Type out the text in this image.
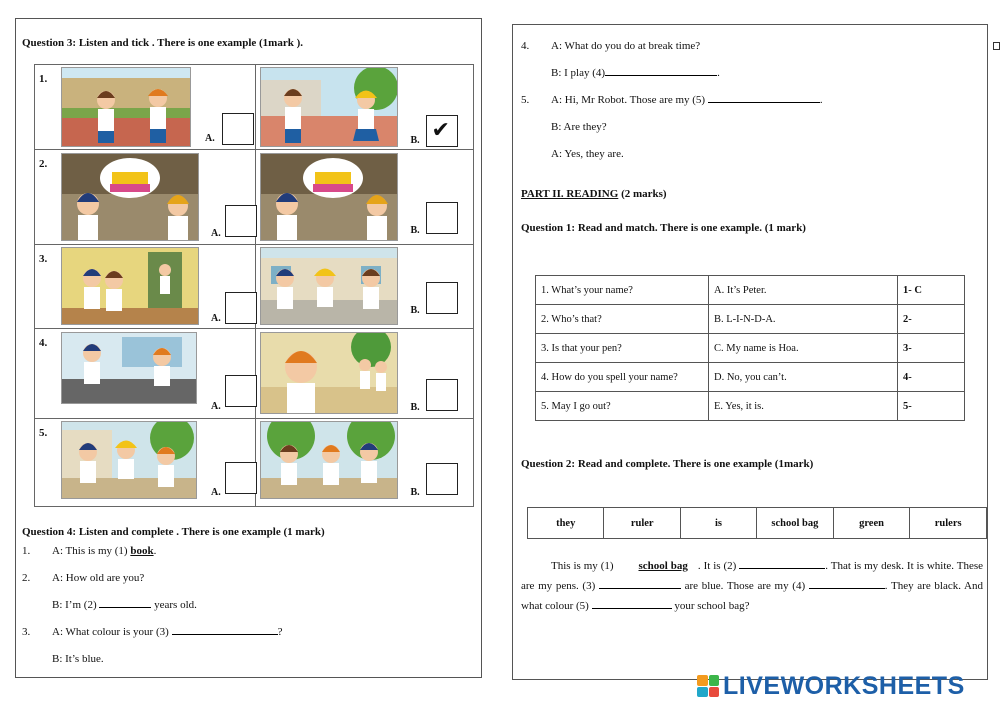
Question 3: Listen and tick . There is one example (1mark ).
1.
A.	B. ✔

2.
A.	B.

3.
A.	B.

4.
A.	B.

5.
A.	B.
Question 4: Listen and complete . There is one example (1 mark)
1. A: This is my (1) book.
2. A: How old are you?
B: I’m (2)	years old.
3. A: What colour is your (3)	?
B: It’s blue.
4. A: What do you do at break time?
B: I play (4)	.
5. A: Hi, Mr Robot. Those are my (5)	.
B: Are they?
A: Yes, they are.
PART II. READING (2 marks)
Question 1: Read and match. There is one example. (1 mark)
1. What’s your name?	A. It’s Peter.	1- C
2. Who’s that?	B. L-I-N-D-A.	2-
3. Is that your pen?	C. My name is Hoa.	3-
4. How do you spell your name?	D. No, you can’t.	4-
5. May I go out?	E. Yes, it is.	5-
Question 2: Read and complete. There is one example (1mark)
they	ruler	is	school bag	green	rulers
This is my (1) school bag . It is (2)	. That is my desk. It is white. These are my pens. (3)	are blue. Those are my (4)	. They are black. And what colour (5)	your school bag?
LIVEWORKSHEETS
